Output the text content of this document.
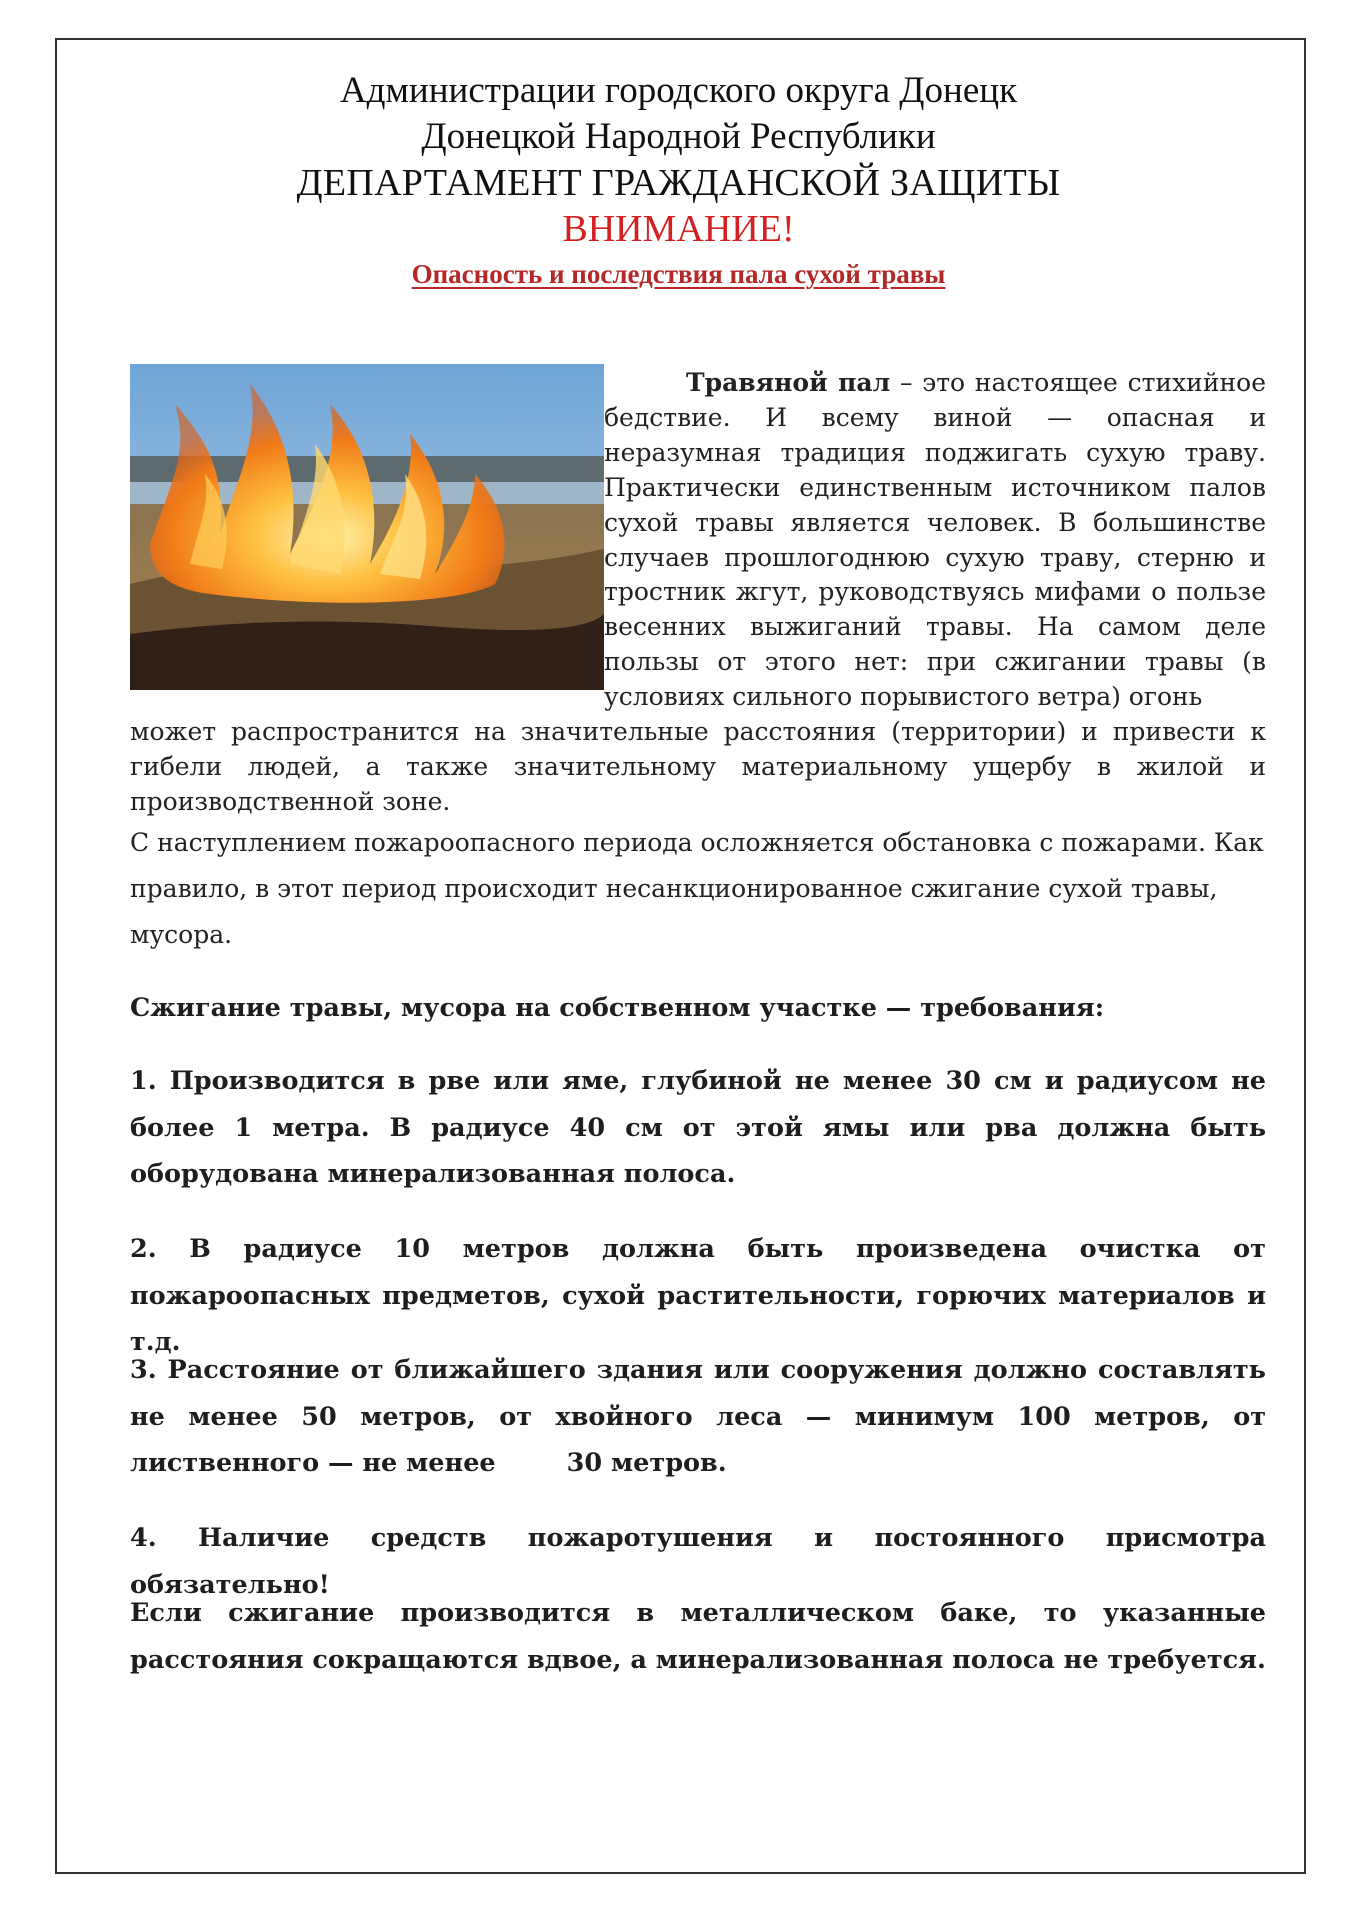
Администрации городского округа Донецк
Донецкой Народной Республики
ДЕПАРТАМЕНТ ГРАЖДАНСКОЙ ЗАЩИТЫ
ВНИМАНИЕ!
Опасность и последствия пала сухой травы
Травяной пал – это настоящее стихийное бедствие. И всему виной — опасная и неразумная традиция поджигать сухую траву. Практически единственным источником палов сухой травы является человек. В большинстве случаев прошлогоднюю сухую траву, стерню и тростник жгут, руководствуясь мифами о пользе весенних выжиганий травы. На самом деле пользы от этого нет: при сжигании травы (в условиях сильного порывистого ветра) огонь
может распространится на значительные расстояния (территории) и привести к гибели людей, а также значительному материальному ущербу в жилой и производственной зоне.
С наступлением пожароопасного периода осложняется обстановка с пожарами. Как правило, в этот период происходит несанкционированное сжигание сухой травы, мусора.
Сжигание травы, мусора на собственном участке — требования:
1. Производится в рве или яме, глубиной не менее 30 см и радиусом не более 1 метра. В радиусе 40 см от этой ямы или рва должна быть оборудована минерализованная полоса.
2. В радиусе 10 метров должна быть произведена очистка от пожароопасных предметов, сухой растительности, горючих материалов и т.д.
3. Расстояние от ближайшего здания или сооружения должно составлять не менее 50 метров, от хвойного леса — минимум 100 метров, от лиственного — не менее        30 метров.
4. Наличие средств пожаротушения и постоянного присмотра обязательно!
Если сжигание производится в металлическом баке, то указанные расстояния сокращаются вдвое, а минерализованная полоса не требуется.
